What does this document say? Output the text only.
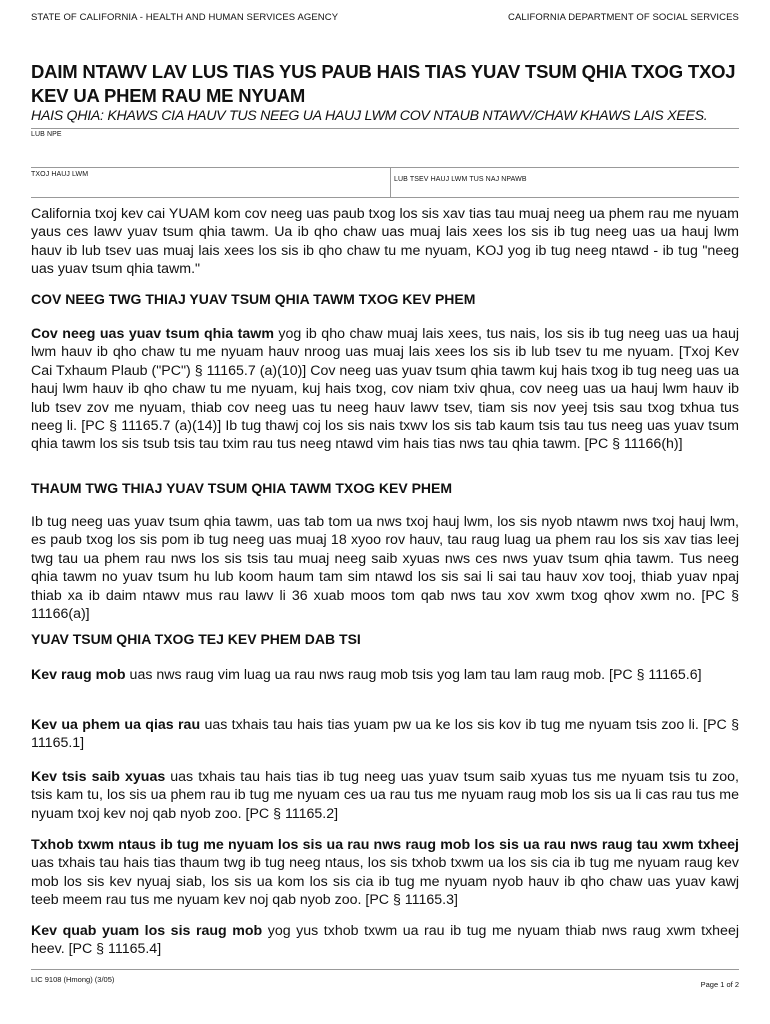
STATE OF CALIFORNIA - HEALTH AND HUMAN SERVICES AGENCY	CALIFORNIA DEPARTMENT OF SOCIAL SERVICES
DAIM NTAWV LAV LUS TIAS YUS PAUB HAIS TIAS YUAV TSUM QHIA TXOG TXOJ KEV UA PHEM RAU ME NYUAM
HAIS QHIA: KHAWS CIA HAUV TUS NEEG UA HAUJ LWM COV NTAUB NTAWV/CHAW KHAWS LAIS XEES.
LUB NPE
TXOJ HAUJ LWM
LUB TSEV HAUJ LWM TUS NAJ NPAWB
California txoj kev cai YUAM kom cov neeg uas paub txog los sis xav tias tau muaj neeg ua phem rau me nyuam yaus ces lawv yuav tsum qhia tawm. Ua ib qho chaw uas muaj lais xees los sis ib tug neeg uas ua hauj lwm hauv ib lub tsev uas muaj lais xees los sis ib qho chaw tu me nyuam, KOJ yog ib tug neeg ntawd - ib tug "neeg uas yuav tsum qhia tawm."
COV NEEG TWG THIAJ YUAV TSUM QHIA TAWM TXOG KEV PHEM
Cov neeg uas yuav tsum qhia tawm yog ib qho chaw muaj lais xees, tus nais, los sis ib tug neeg uas ua hauj lwm hauv ib qho chaw tu me nyuam hauv nroog uas muaj lais xees los sis ib lub tsev tu me nyuam. [Txoj Kev Cai Txhaum Plaub ("PC") § 11165.7 (a)(10)] Cov neeg uas yuav tsum qhia tawm kuj hais txog ib tug neeg uas ua hauj lwm hauv ib qho chaw tu me nyuam, kuj hais txog, cov niam txiv qhua, cov neeg uas ua hauj lwm hauv ib lub tsev zov me nyuam, thiab cov neeg uas tu neeg hauv lawv tsev, tiam sis nov yeej tsis sau txog txhua tus neeg li. [PC § 11165.7 (a)(14)] Ib tug thawj coj los sis nais txwv los sis tab kaum tsis tau tus neeg uas yuav tsum qhia tawm los sis tsub tsis tau txim rau tus neeg ntawd vim hais tias nws tau qhia tawm. [PC § 11166(h)]
THAUM TWG THIAJ YUAV TSUM QHIA TAWM TXOG KEV PHEM
Ib tug neeg uas yuav tsum qhia tawm, uas tab tom ua nws txoj hauj lwm, los sis nyob ntawm nws txoj hauj lwm, es paub txog los sis pom ib tug neeg uas muaj 18 xyoo rov hauv, tau raug luag ua phem rau los sis xav tias leej twg tau ua phem rau nws los sis tsis tau muaj neeg saib xyuas nws ces nws yuav tsum qhia tawm. Tus neeg qhia tawm no yuav tsum hu lub koom haum tam sim ntawd los sis sai li sai tau hauv xov tooj, thiab yuav npaj thiab xa ib daim ntawv mus rau lawv li 36 xuab moos tom qab nws tau xov xwm txog qhov xwm no. [PC § 11166(a)]
YUAV TSUM QHIA TXOG TEJ KEV PHEM DAB TSI
Kev raug mob uas nws raug vim luag ua rau nws raug mob tsis yog lam tau lam raug mob. [PC § 11165.6]
Kev ua phem ua qias rau uas txhais tau hais tias yuam pw ua ke los sis kov ib tug me nyuam tsis zoo li. [PC § 11165.1]
Kev tsis saib xyuas uas txhais tau hais tias ib tug neeg uas yuav tsum saib xyuas tus me nyuam tsis tu zoo, tsis kam tu, los sis ua phem rau ib tug me nyuam ces ua rau tus me nyuam raug mob los sis ua li cas rau tus me nyuam txoj kev noj qab nyob zoo. [PC § 11165.2]
Txhob txwm ntaus ib tug me nyuam los sis ua rau nws raug mob los sis ua rau nws raug tau xwm txheej uas txhais tau hais tias thaum twg ib tug neeg ntaus, los sis txhob txwm ua los sis cia ib tug me nyuam raug kev mob los sis kev nyuaj siab, los sis ua kom los sis cia ib tug me nyuam nyob hauv ib qho chaw uas yuav kawj teeb meem rau tus me nyuam kev noj qab nyob zoo. [PC § 11165.3]
Kev quab yuam los sis raug mob yog yus txhob txwm ua rau ib tug me nyuam thiab nws raug xwm txheej heev. [PC § 11165.4]
LIC 9108 (Hmong) (3/05)
Page 1 of 2
